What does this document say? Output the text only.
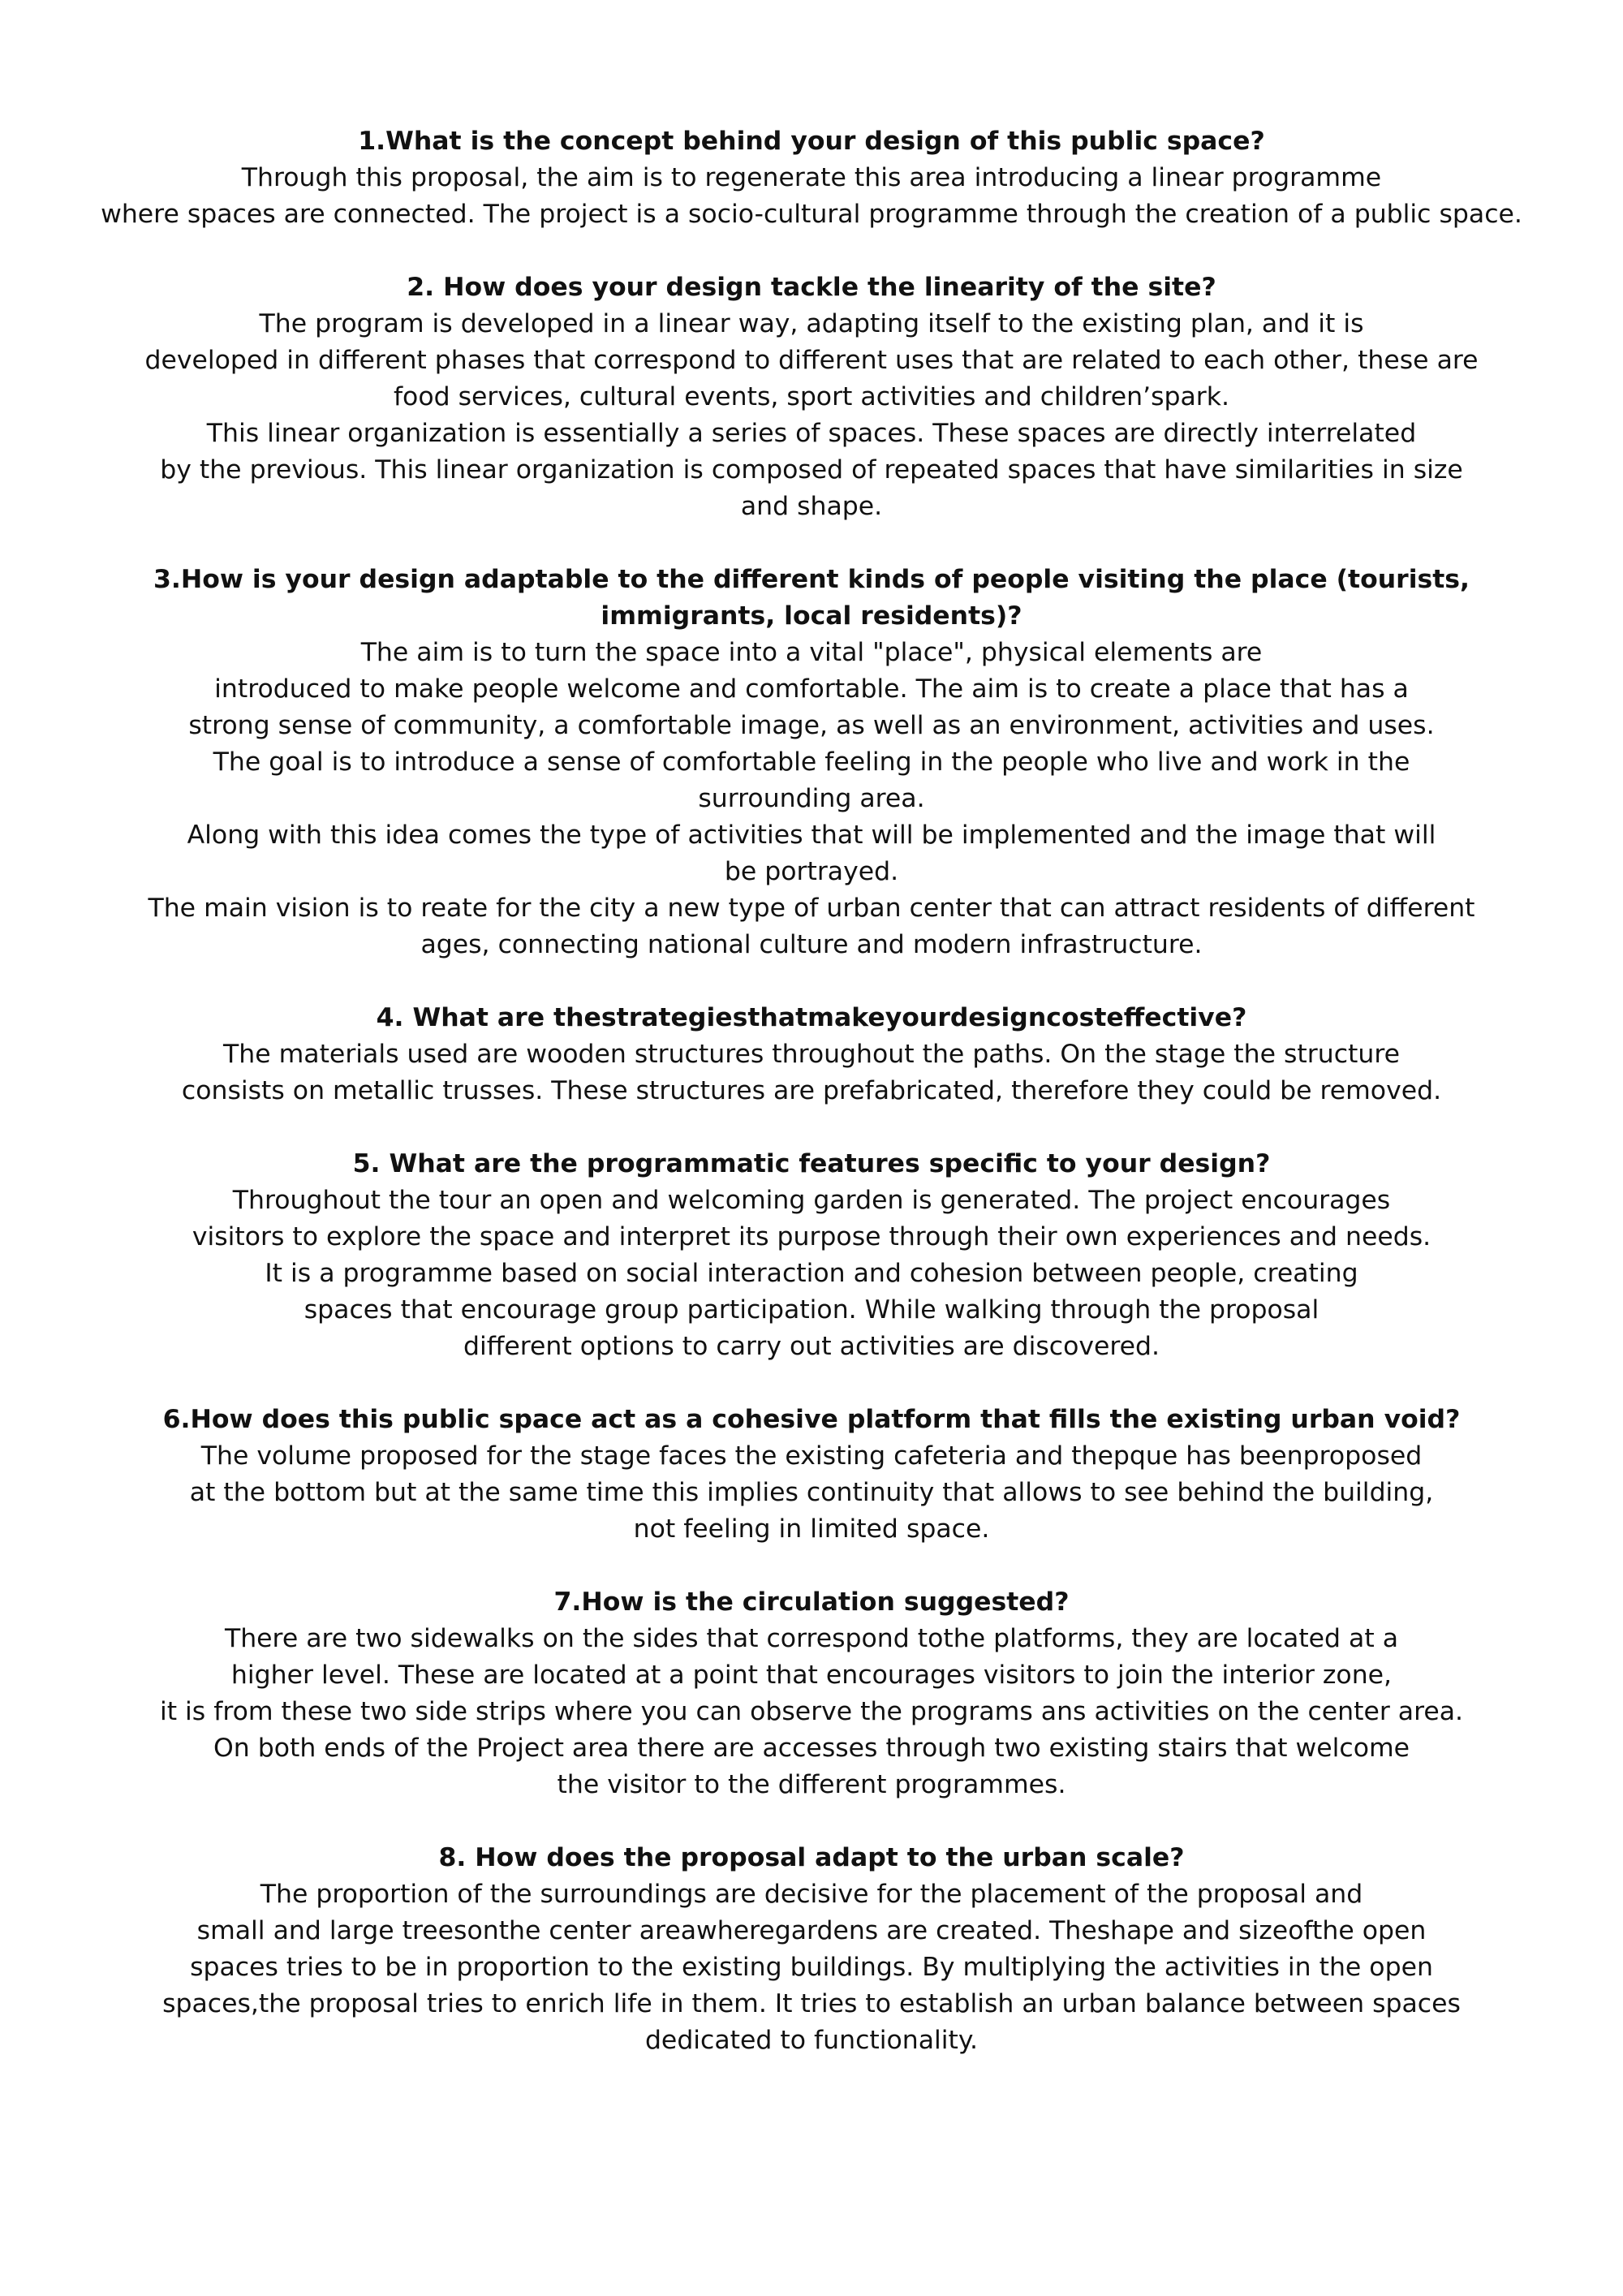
1.What is the concept behind your design of this public space?

Through this proposal, the aim is to regenerate this area introducing a linear programme
where spaces are connected. The project is a socio-cultural programme through the creation of a public space.

2. How does your design tackle the linearity of the site?

The program is developed in a linear way, adapting itself to the existing plan, and it is
developed in different phases that correspond to different uses that are related to each other, these are
food services, cultural events, sport activities and children’spark.
This linear organization is essentially a series of spaces. These spaces are directly interrelated
by the previous. This linear organization is composed of repeated spaces that have similarities in size
and shape.

3.How is your design adaptable to the different kinds of people visiting the place (tourists,
immigrants, local residents)?

The aim is to turn the space into a vital "place", physical elements are
introduced to make people welcome and comfortable. The aim is to create a place that has a
strong sense of community, a comfortable image, as well as an environment, activities and uses.
The goal is to introduce a sense of comfortable feeling in the people who live and work in the
surrounding area.
Along with this idea comes the type of activities that will be implemented and the image that will
be portrayed.
The main vision is to reate for the city a new type of urban center that can attract residents of different
ages, connecting national culture and modern infrastructure.

4. What are thestrategiesthatmakeyourdesigncosteffective?

The materials used are wooden structures throughout the paths. On the stage the structure
consists on metallic trusses. These structures are prefabricated, therefore they could be removed.

5. What are the programmatic features specific to your design?

Throughout the tour an open and welcoming garden is generated. The project encourages
visitors to explore the space and interpret its purpose through their own experiences and needs.
It is a programme based on social interaction and cohesion between people, creating
spaces that encourage group participation. While walking through the proposal
different options to carry out activities are discovered.

6.How does this public space act as a cohesive platform that fills the existing urban void?

The volume proposed for the stage faces the existing cafeteria and thepque has beenproposed
at the bottom but at the same time this implies continuity that allows to see behind the building,
not feeling in limited space.

7.How is the circulation suggested?

There are two sidewalks on the sides that correspond tothe platforms, they are located at a
higher level. These are located at a point that encourages visitors to join the interior zone,
it is from these two side strips where you can observe the programs ans activities on the center area.
On both ends of the Project area there are accesses through two existing stairs that welcome
the visitor to the different programmes.

8. How does the proposal adapt to the urban scale?

The proportion of the surroundings are decisive for the placement of the proposal and
small and large treesonthe center areawheregardens are created. Theshape and sizeofthe open
spaces tries to be in proportion to the existing buildings. By multiplying the activities in the open
spaces,the proposal tries to enrich life in them. It tries to establish an urban balance between spaces
dedicated to functionality.
